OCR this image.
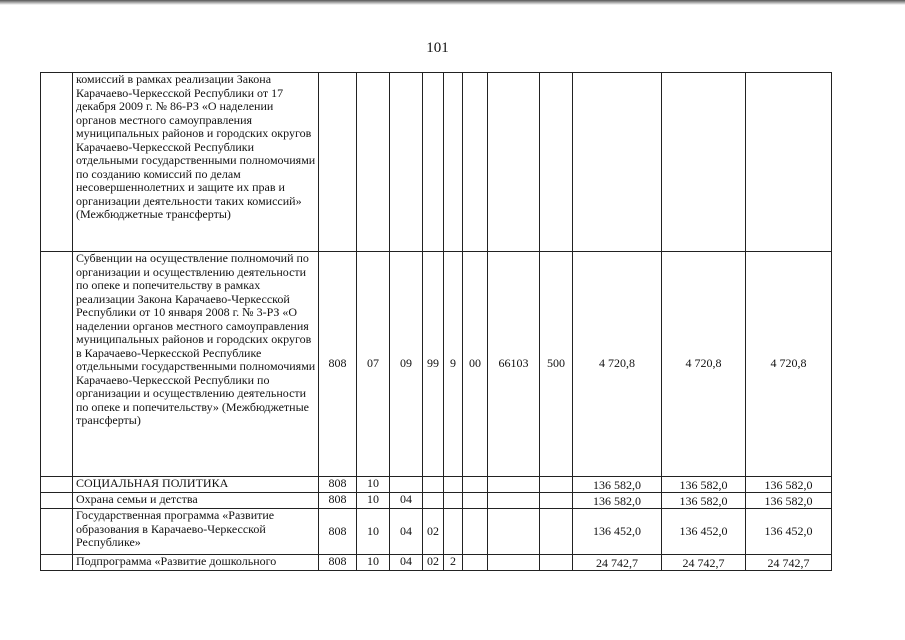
101
	комиссий в рамках реализации Закона Карачаево-Черкесской Республики от 17 декабря 2009 г. № 86-РЗ «О наделении органов местного самоуправления муниципальных районов и городских округов Карачаево-Черкесской Республики отдельными государственными полномочиями по созданию комиссий по делам несовершеннолетних и защите их прав и организации деятельности таких комиссий» (Межбюджетные трансферты)											
	Субвенции на осуществление полномочий по организации и осуществлению деятельности по опеке и попечительству в рамках реализации Закона Карачаево-Черкесской Республики от 10 января 2008 г. № 3-РЗ «О наделении органов местного самоуправления муниципальных районов и городских округов в Карачаево-Черкесской Республике отдельными государственными полномочиями Карачаево-Черкесской Республики по организации и осуществлению деятельности по опеке и попечительству» (Межбюджетные трансферты)	808	07	09	99	9	00	66103	500	4 720,8	4 720,8	4 720,8
	СОЦИАЛЬНАЯ ПОЛИТИКА	808	10							136 582,0	136 582,0	136 582,0
	Охрана семьи и детства	808	10	04						136 582,0	136 582,0	136 582,0
	Государственная программа «Развитие образования в Карачаево-Черкесской Республике»	808	10	04	02					136 452,0	136 452,0	136 452,0
	Подпрограмма «Развитие дошкольного	808	10	04	02	2				24 742,7	24 742,7	24 742,7
